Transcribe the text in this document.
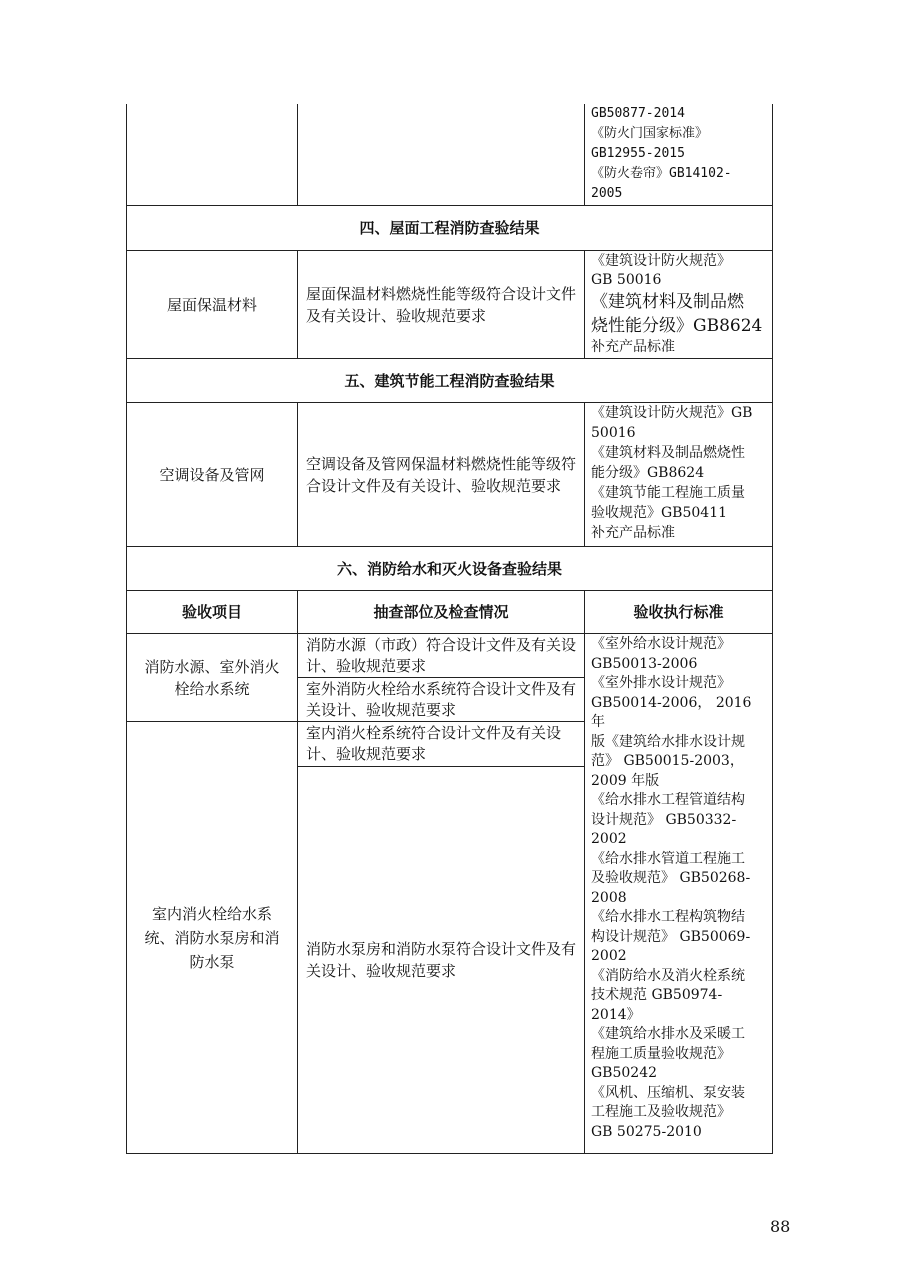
GB50877-2014
《防火门国家标准》
GB12955-2015
《防火卷帘》GB14102-
2005
四、屋面工程消防查验结果
屋面保温材料
屋面保温材料燃烧性能等级符合设计文件及有关设计、验收规范要求
《建筑设计防火规范》
GB 50016
《建筑材料及制品燃
烧性能分级》GB8624
补充产品标准
五、建筑节能工程消防查验结果
空调设备及管网
空调设备及管网保温材料燃烧性能等级符合设计文件及有关设计、验收规范要求
《建筑设计防火规范》GB
50016
《建筑材料及制品燃烧性
能分级》GB8624
《建筑节能工程施工质量
验收规范》GB50411
补充产品标准
六、消防给水和灭火设备查验结果
验收项目	抽查部位及检查情况	验收执行标准
消防水源、室外消火栓给水系统
室内消火栓给水系统、消防水泵房和消防水泵
消防水源（市政）符合设计文件及有关设计、验收规范要求
室外消防火栓给水系统符合设计文件及有关设计、验收规范要求
室内消火栓系统符合设计文件及有关设计、验收规范要求
消防水泵房和消防水泵符合设计文件及有关设计、验收规范要求
《室外给水设计规范》
GB50013-2006
《室外排水设计规范》
GB50014-2006， 2016 年
版《建筑给水排水设计规
范》 GB50015-2003，
2009 年版
《给水排水工程管道结构
设计规范》 GB50332-
2002
《给水排水管道工程施工
及验收规范》 GB50268-
2008
《给水排水工程构筑物结
构设计规范》 GB50069-
2002
《消防给水及消火栓系统
技术规范 GB50974-
2014》
《建筑给水排水及采暖工
程施工质量验收规范》
GB50242
《风机、压缩机、泵安装
工程施工及验收规范》
GB 50275-2010
88
